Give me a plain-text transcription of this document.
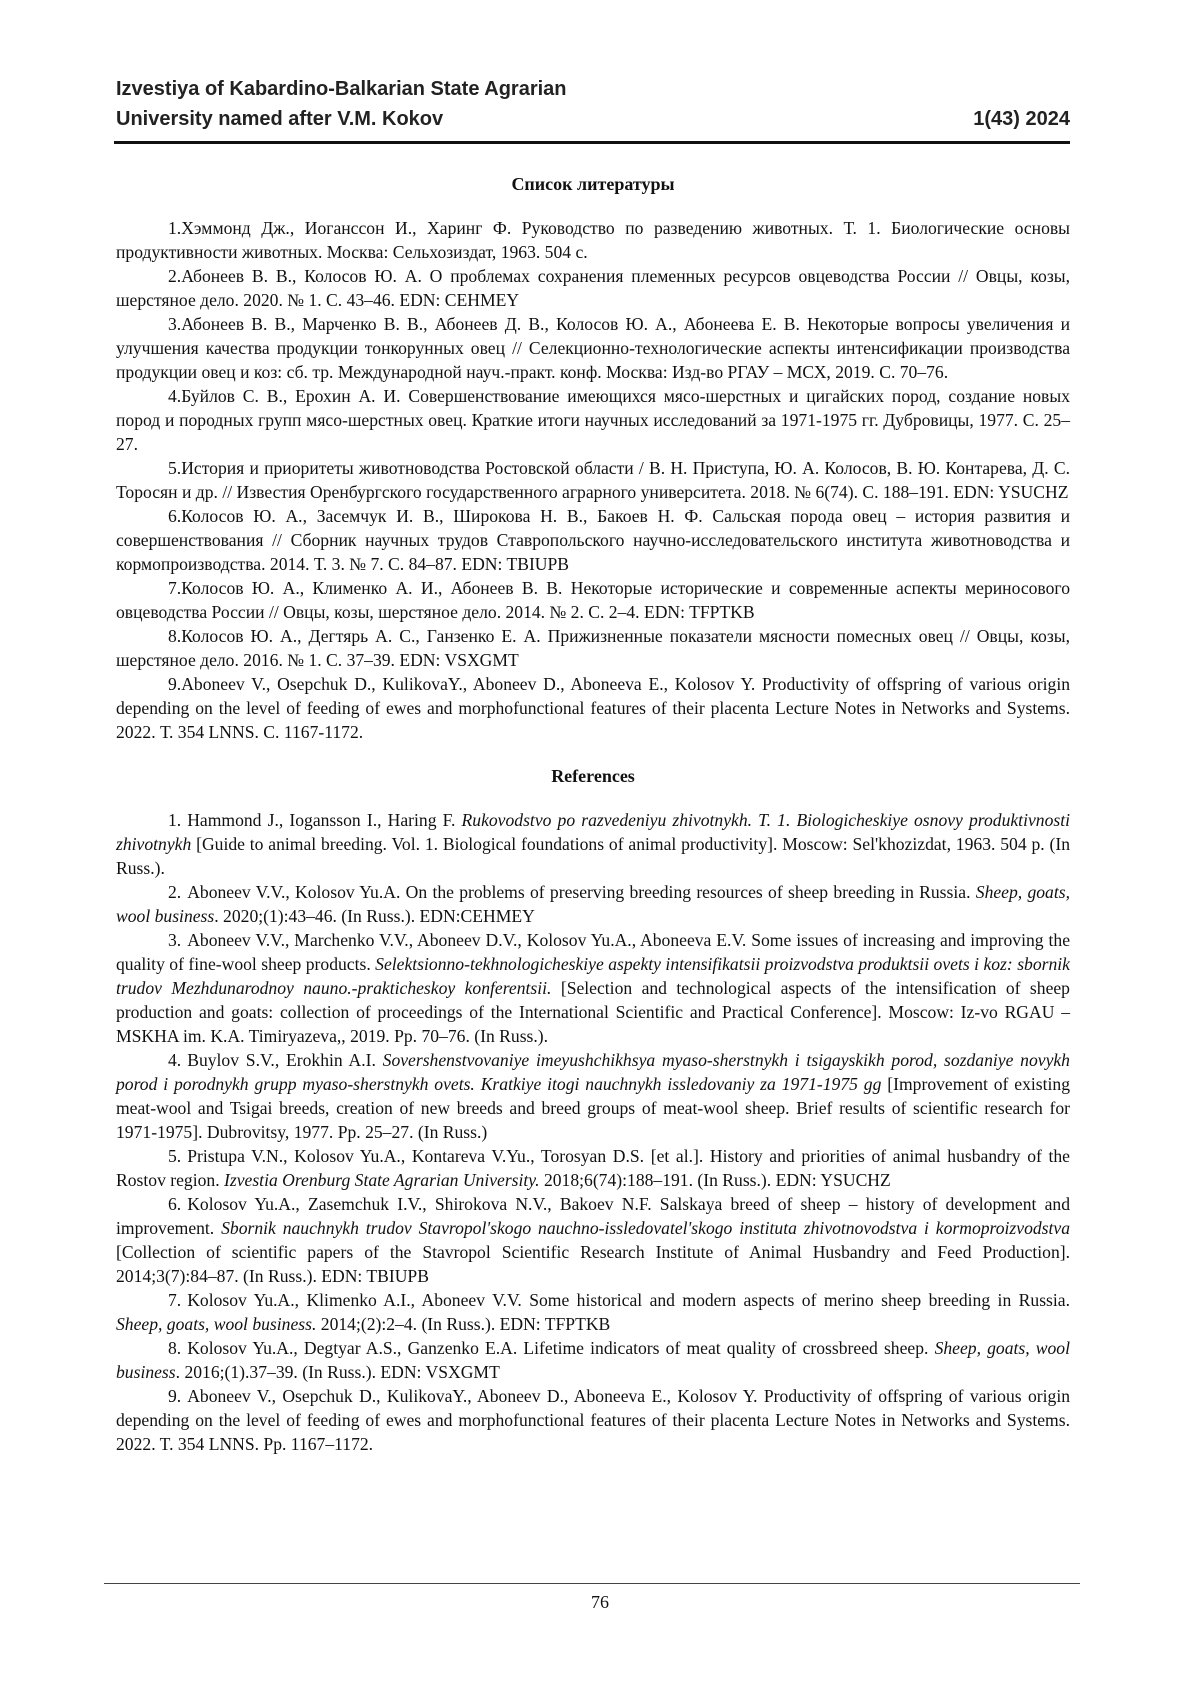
Izvestiya of Kabardino-Balkarian State Agrarian
University named after V.M. Kokov	1(43) 2024
Список литературы

1.Хэммонд Дж., Иоганссон И., Харинг Ф. Руководство по разведению животных. Т. 1. Биологические основы продуктивности животных. Москва: Сельхозиздат, 1963. 504 с.

2.Абонеев В. В., Колосов Ю. А. О проблемах сохранения племенных ресурсов овцеводства России // Овцы, козы, шерстяное дело. 2020. № 1. С. 43–46. EDN: CEHMEY

3.Абонеев В. В., Марченко В. В., Абонеев Д. В., Колосов Ю. А., Абонеева Е. В. Некоторые вопросы увеличения и улучшения качества продукции тонкорунных овец // Селекционно-технологические аспекты интенсификации производства продукции овец и коз: сб. тр. Международной науч.-практ. конф. Москва: Изд-во РГАУ – МСХ, 2019. С. 70–76.

4.Буйлов С. В., Ерохин А. И. Совершенствование имеющихся мясо-шерстных и цигайских пород, создание новых пород и породных групп мясо-шерстных овец. Краткие итоги научных исследований за 1971-1975 гг. Дубровицы, 1977. С. 25–27.

5.История и приоритеты животноводства Ростовской области / В. Н. Приступа, Ю. А. Колосов, В. Ю. Контарева, Д. С. Торосян и др. // Известия Оренбургского государственного аграрного университета. 2018. № 6(74). С. 188–191. EDN: YSUCHZ

6.Колосов Ю. А., Засемчук И. В., Широкова Н. В., Бакоев Н. Ф. Сальская порода овец – история развития и совершенствования // Сборник научных трудов Ставропольского научно-исследовательского института животноводства и кормопроизводства. 2014. Т. 3. № 7. С. 84–87. EDN: TBIUPB

7.Колосов Ю. А., Клименко А. И., Абонеев В. В. Некоторые исторические и современные аспекты мериносового овцеводства России // Овцы, козы, шерстяное дело. 2014. № 2. С. 2–4. EDN: TFPTKB

8.Колосов Ю. А., Дегтярь А. С., Ганзенко Е. А. Прижизненные показатели мясности помесных овец // Овцы, козы, шерстяное дело. 2016. № 1. С. 37–39. EDN: VSXGMT

9.Aboneev V., Osepchuk D., KulikovaY., Aboneev D., Aboneeva E., Kolosov Y. Productivity of offspring of various origin depending on the level of feeding of ewes and morphofunctional features of their placenta Lecture Notes in Networks and Systems. 2022. Т. 354 LNNS. С. 1167-1172.

References

1. Hammond J., Iogansson I., Haring F. Rukovodstvo po razvedeniyu zhivotnykh. T. 1. Biologicheskiye osnovy produktivnosti zhivotnykh [Guide to animal breeding. Vol. 1. Biological foundations of animal productivity]. Moscow: Sel'khozizdat, 1963. 504 p. (In Russ.).

2. Aboneev V.V., Kolosov Yu.A. On the problems of preserving breeding resources of sheep breeding in Russia. Sheep, goats, wool business. 2020;(1):43–46. (In Russ.). EDN:CEHMEY

3. Aboneev V.V., Marchenko V.V., Aboneev D.V., Kolosov Yu.A., Aboneeva E.V. Some issues of increasing and improving the quality of fine-wool sheep products. Selektsionno-tekhnologicheskiye aspekty intensifikatsii proizvodstva produktsii ovets i koz: sbornik trudov Mezhdunarodnoy nauno.-prakticheskoy konferentsii. [Selection and technological aspects of the intensification of sheep production and goats: collection of proceedings of the International Scientific and Practical Conference]. Moscow: Iz-vo RGAU – MSKHA im. K.A. Timiryazeva,, 2019. Pp. 70–76. (In Russ.).

4. Buylov S.V., Erokhin A.I. Sovershenstvovaniye imeyushchikhsya myaso-sherstnykh i tsigayskikh porod, sozdaniye novykh porod i porodnykh grupp myaso-sherstnykh ovets. Kratkiye itogi nauchnykh issledovaniy za 1971-1975 gg [Improvement of existing meat-wool and Tsigai breeds, creation of new breeds and breed groups of meat-wool sheep. Brief results of scientific research for 1971-1975]. Dubrovitsy, 1977. Pp. 25–27. (In Russ.)

5. Pristupa V.N., Kolosov Yu.A., Kontareva V.Yu., Torosyan D.S. [et al.]. History and priorities of animal husbandry of the Rostov region. Izvestia Orenburg State Agrarian University. 2018;6(74):188–191. (In Russ.). EDN: YSUCHZ

6. Kolosov Yu.A., Zasemchuk I.V., Shirokova N.V., Bakoev N.F. Salskaya breed of sheep – history of development and improvement. Sbornik nauchnykh trudov Stavropol'skogo nauchno-issledovatel'skogo instituta zhivotnovodstva i kormoproizvodstva [Collection of scientific papers of the Stavropol Scientific Research Institute of Animal Husbandry and Feed Production]. 2014;3(7):84–87. (In Russ.). EDN: TBIUPB

7. Kolosov Yu.A., Klimenko A.I., Aboneev V.V. Some historical and modern aspects of merino sheep breeding in Russia. Sheep, goats, wool business. 2014;(2):2–4. (In Russ.). EDN: TFPTKB

8. Kolosov Yu.A., Degtyar A.S., Ganzenko E.A. Lifetime indicators of meat quality of crossbreed sheep. Sheep, goats, wool business. 2016;(1).37–39. (In Russ.). EDN: VSXGMT

9. Aboneev V., Osepchuk D., KulikovaY., Aboneev D., Aboneeva E., Kolosov Y. Productivity of offspring of various origin depending on the level of feeding of ewes and morphofunctional features of their placenta Lecture Notes in Networks and Systems. 2022. T. 354 LNNS. Pp. 1167–1172.

76
